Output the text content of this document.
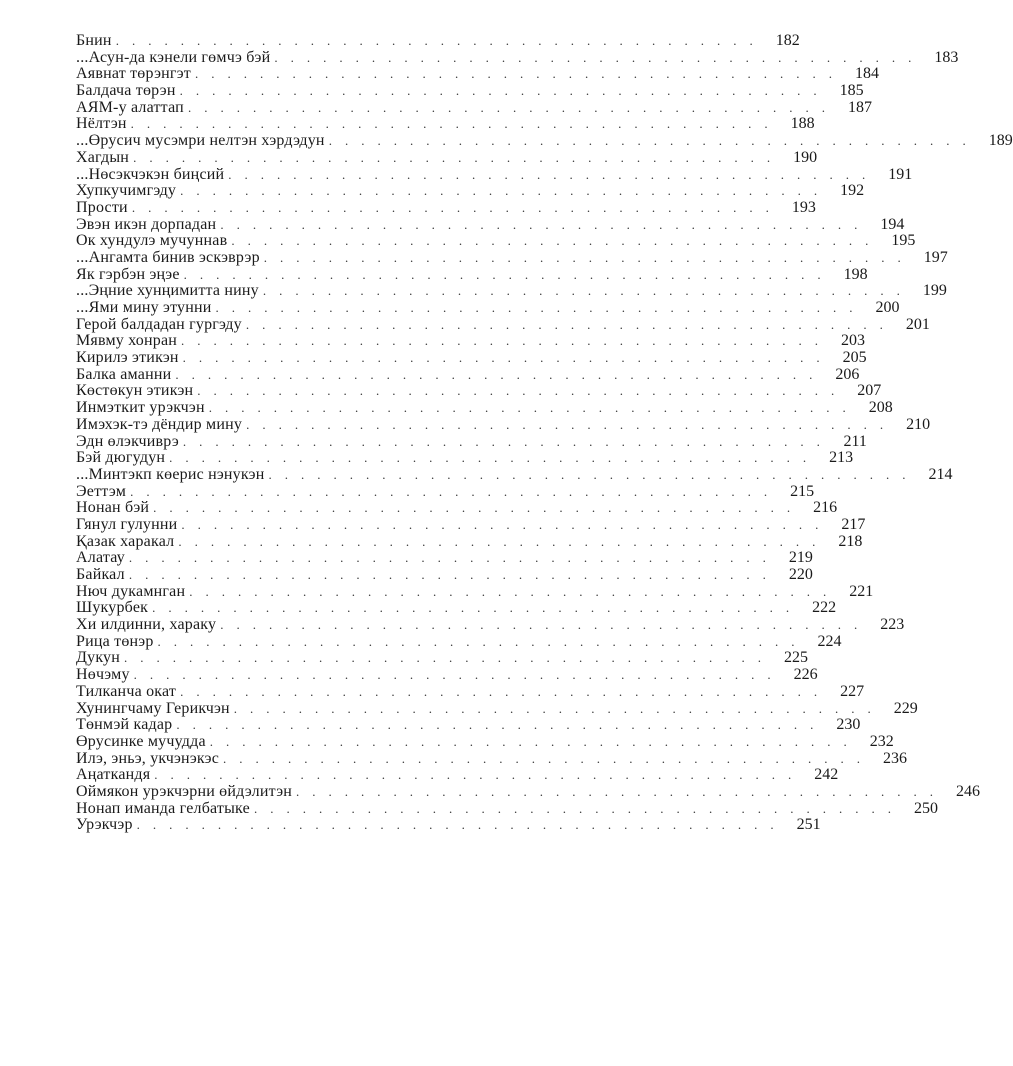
Бнин ........................................ 182
...Асун-да кэнели гөмчэ бэй ........................................ 183
Аявнат төрэнгэт ........................................ 184
Балдача төрэн ........................................ 185
АЯМ-у алаттап ........................................ 187
Нёлтэн ........................................ 188
...Өрусич мусэмри нелтэн хэрдэдун ........................................ 189
Хагдын ........................................ 190
...Нөсэкчэкэн биңсий ........................................ 191
Хупкучимгэду ........................................ 192
Прости ........................................ 193
Эвэн икэн дорпадан ........................................ 194
Ок хундулэ мучуннав ........................................ 195
...Ангамта бинив эскэврэр ........................................ 197
Як гэрбэн эңэе ........................................ 198
...Эңние хунңимитта нину ........................................ 199
...Ями мину этунни ........................................ 200
Герой балдадан гургэду ........................................ 201
Мявму хонран ........................................ 203
Кирилэ этикэн ........................................ 205
Балка аманни ........................................ 206
Көстөкун этикэн ........................................ 207
Инмэткит урэкчэн ........................................ 208
Имэхэк-тэ дёндир мину ........................................ 210
Эдн өлэкчиврэ ........................................ 211
Бэй дюгудун ........................................ 213
...Минтэкп көерис нэнукэн ........................................ 214
Эеттэм ........................................ 215
Нонан бэй ........................................ 216
Гянул гулунни ........................................ 217
Қазак харакал ........................................ 218
Алатау ........................................ 219
Байкал ........................................ 220
Нюч дукамнган ........................................ 221
Шукурбек ........................................ 222
Хи илдинни, хараку ........................................ 223
Рица төнэр ........................................ 224
Дукун ........................................ 225
Нөчэму ........................................ 226
Тилканча окат ........................................ 227
Хунингчаму Герикчэн ........................................ 229
Төнмэй кадар ........................................ 230
Өрусинке мучудда ........................................ 232
Илэ, эньэ, укчэнэкэс ........................................ 236
Аңаткандя ........................................ 242
Оймякон урэкчэрни өйдэлитэн ........................................ 246
Нонап иманда гелбатыке ........................................ 250
Урэкчэр ........................................ 251
